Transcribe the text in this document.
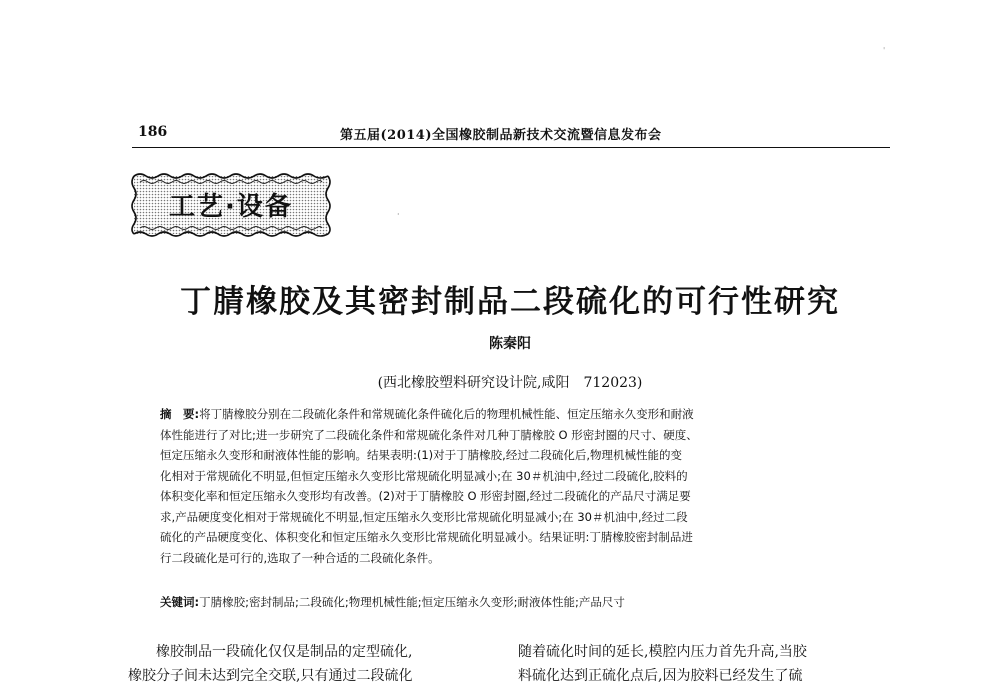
186	第五届(2014)全国橡胶制品新技术交流暨信息发布会
'
工艺·设备	·
丁腈橡胶及其密封制品二段硫化的可行性研究
陈秦阳
(西北橡胶塑料研究设计院,咸阳　712023)
摘　要:将丁腈橡胶分别在二段硫化条件和常规硫化条件硫化后的物理机械性能、恒定压缩永久变形和耐液
体性能进行了对比;进一步研究了二段硫化条件和常规硫化条件对几种丁腈橡胶 O 形密封圈的尺寸、硬度、
恒定压缩永久变形和耐液体性能的影响。结果表明:(1)对于丁腈橡胶,经过二段硫化后,物理机械性能的变
化相对于常规硫化不明显,但恒定压缩永久变形比常规硫化明显减小;在 30＃机油中,经过二段硫化,胶料的
体积变化率和恒定压缩永久变形均有改善。(2)对于丁腈橡胶 O 形密封圈,经过二段硫化的产品尺寸满足要
求,产品硬度变化相对于常规硫化不明显,恒定压缩永久变形比常规硫化明显减小;在 30＃机油中,经过二段
硫化的产品硬度变化、体积变化和恒定压缩永久变形比常规硫化明显减小。结果证明:丁腈橡胶密封制品进
行二段硫化是可行的,选取了一种合适的二段硫化条件。
关键词:丁腈橡胶;密封制品;二段硫化;物理机械性能;恒定压缩永久变形;耐液体性能;产品尺寸
　　橡胶制品一段硫化仅仅是制品的定型硫化,
橡胶分子间未达到完全交联,只有通过二段硫化
随着硫化时间的延长,模腔内压力首先升高,当胶
料硫化达到正硫化点后,因为胶料已经发生了硫
